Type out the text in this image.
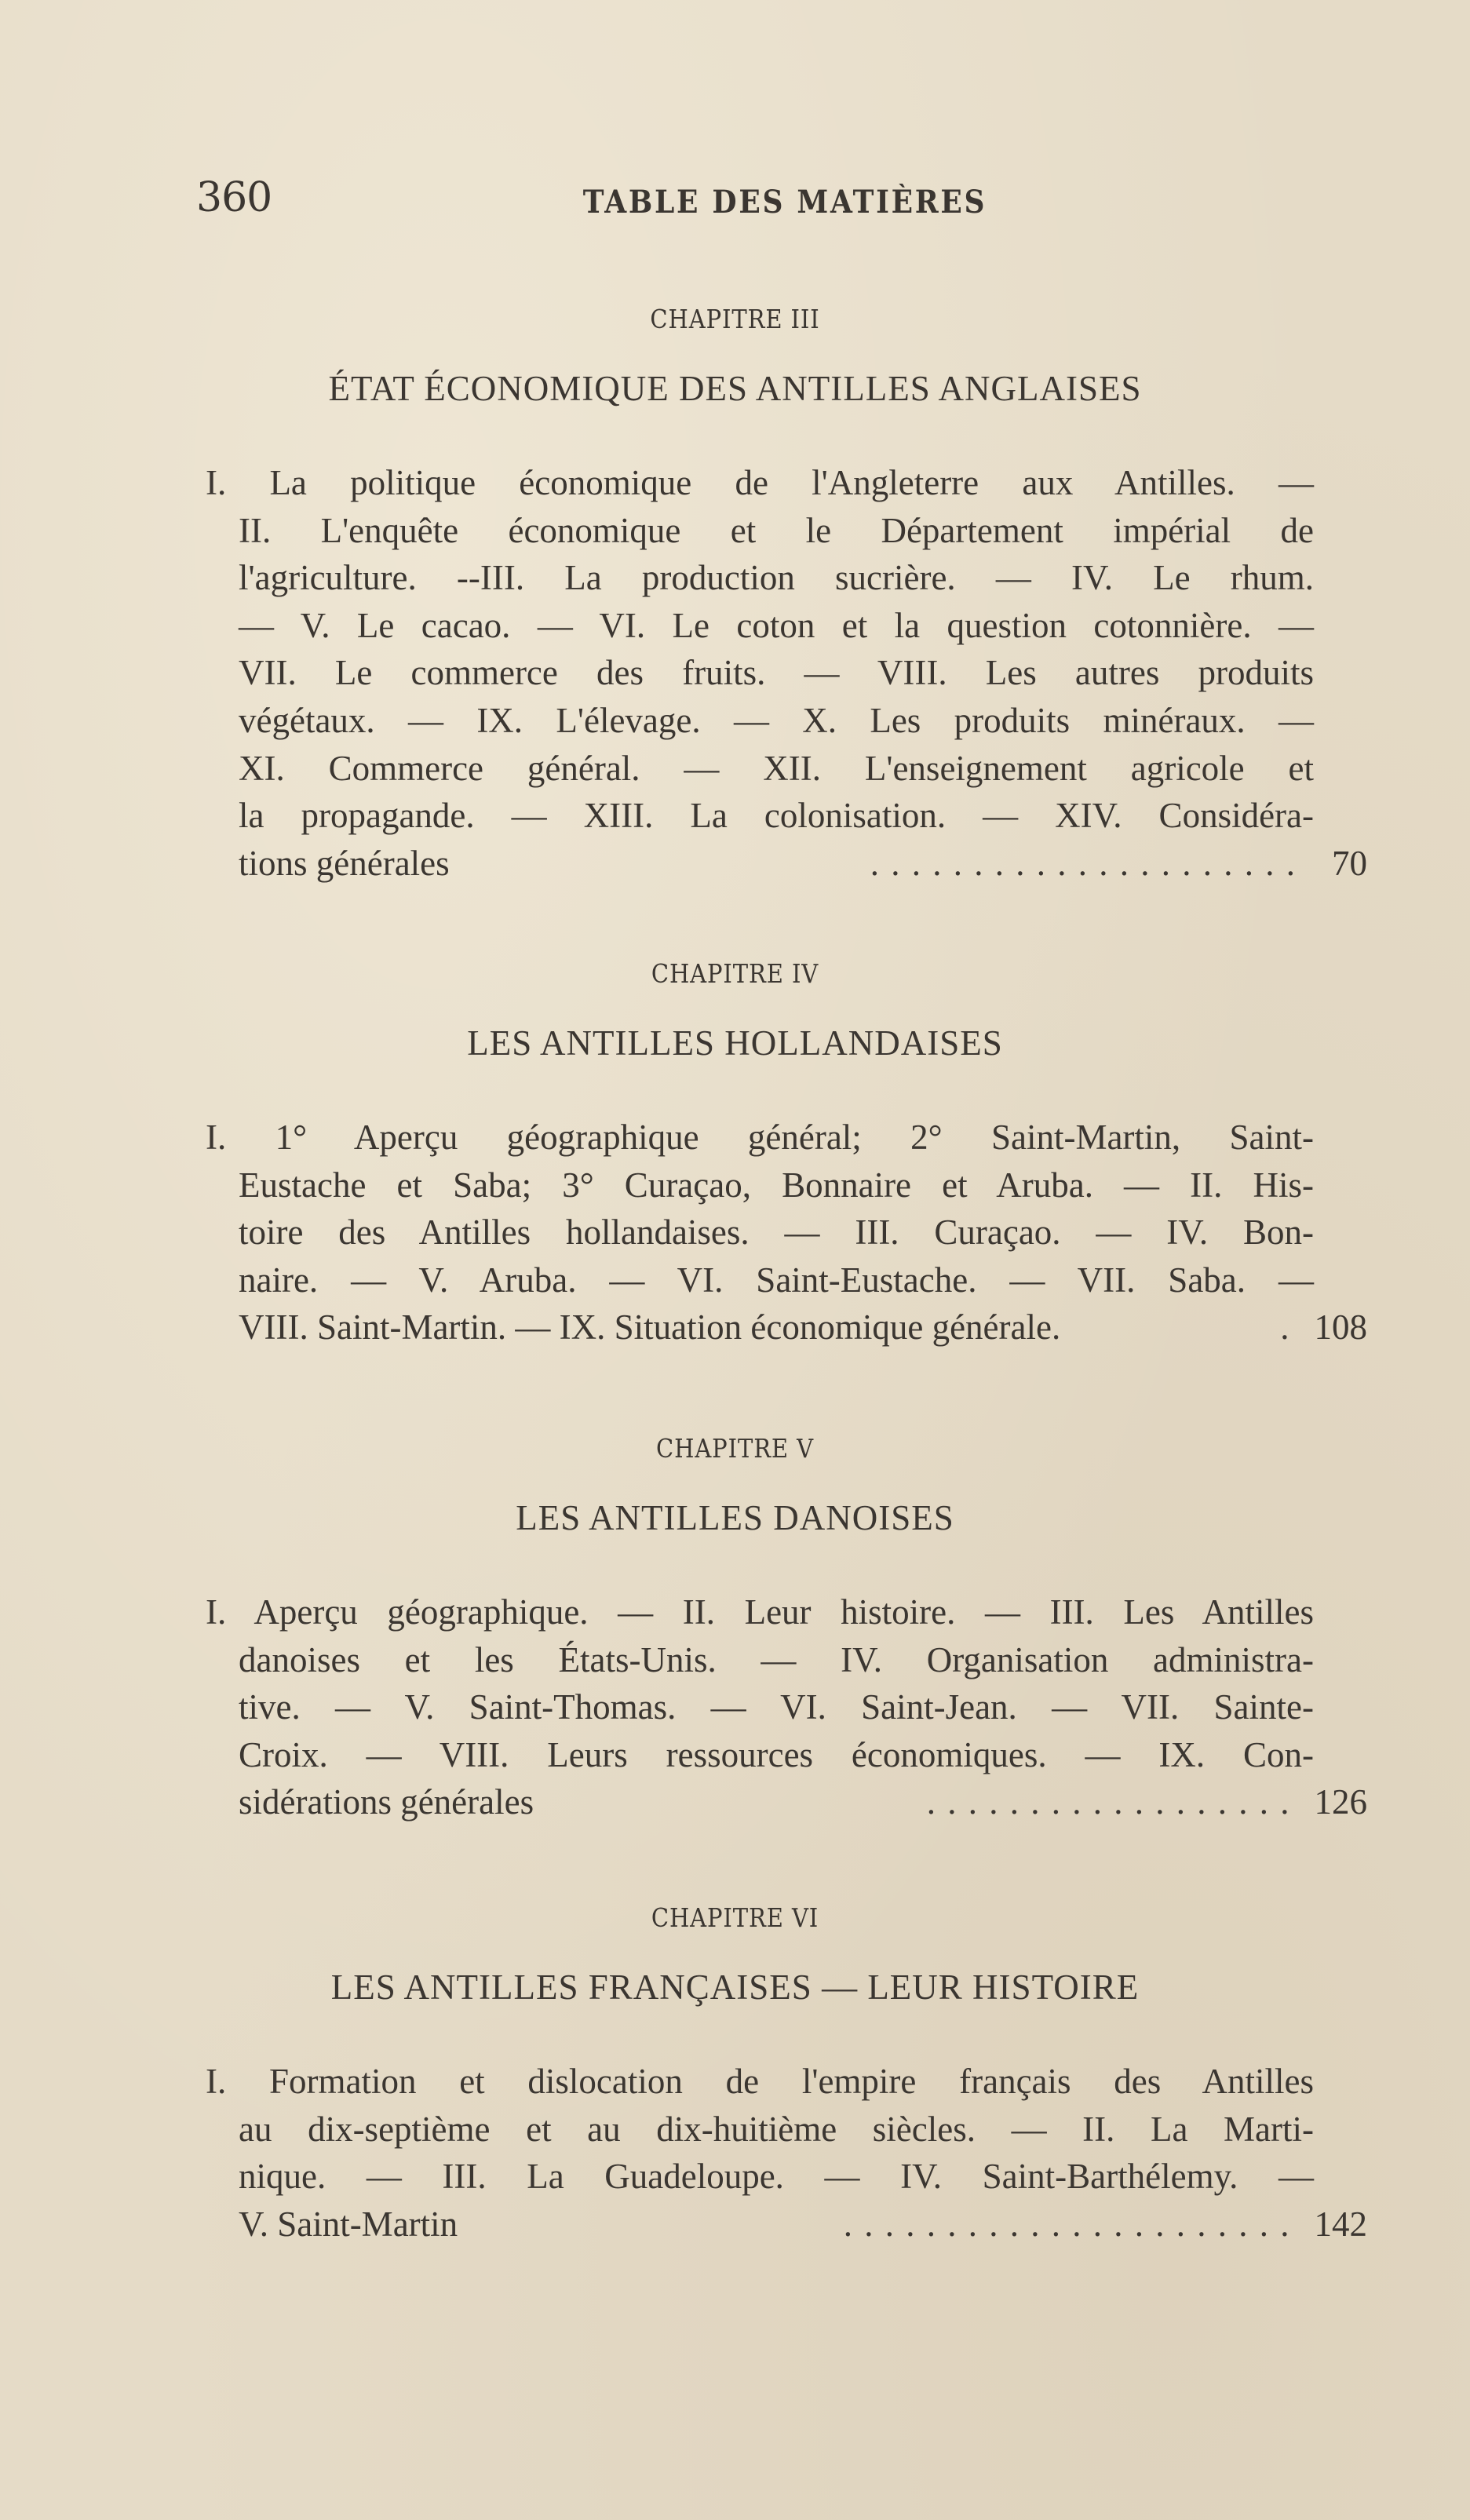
360	TABLE DES MATIÈRES
CHAPITRE III
ÉTAT ÉCONOMIQUE DES ANTILLES ANGLAISES
I. La politique économique de l'Angleterre aux Antilles. —
II. L'enquête économique et le Département impérial de
l'agriculture. --III. La production sucrière. — IV. Le rhum.
— V. Le cacao. — VI. Le coton et la question cotonnière. —
VII. Le commerce des fruits. — VIII. Les autres produits
végétaux. — IX. L'élevage. — X. Les produits minéraux. —
XI. Commerce général. — XII. L'enseignement agricole et
la propagande. — XIII. La colonisation. — XIV. Considéra-
tions générales	. . . . . . . . . . . . . . . . . . . . .	70
CHAPITRE IV
LES ANTILLES HOLLANDAISES
I. 1° Aperçu géographique général; 2° Saint-Martin, Saint-
Eustache et Saba; 3° Curaçao, Bonnaire et Aruba. — II. His-
toire des Antilles hollandaises. — III. Curaçao. — IV. Bon-
naire. — V. Aruba. — VI. Saint-Eustache. — VII. Saba. —
VIII. Saint-Martin. — IX. Situation économique générale.	. 108
CHAPITRE V
LES ANTILLES DANOISES
I. Aperçu géographique. — II. Leur histoire. — III. Les Antilles
danoises et les États-Unis. — IV. Organisation administra-
tive. — V. Saint-Thomas. — VI. Saint-Jean. — VII. Sainte-
Croix. — VIII. Leurs ressources économiques. — IX. Con-
sidérations générales	. . . . . . . . . . . . . . . . . . 126
CHAPITRE VI
LES ANTILLES FRANÇAISES — LEUR HISTOIRE
I. Formation et dislocation de l'empire français des Antilles
au dix-septième et au dix-huitième siècles. — II. La Marti-
nique. — III. La Guadeloupe. — IV. Saint-Barthélemy. —
V. Saint-Martin	. . . . . . . . . . . . . . . . . . . . . . 142
